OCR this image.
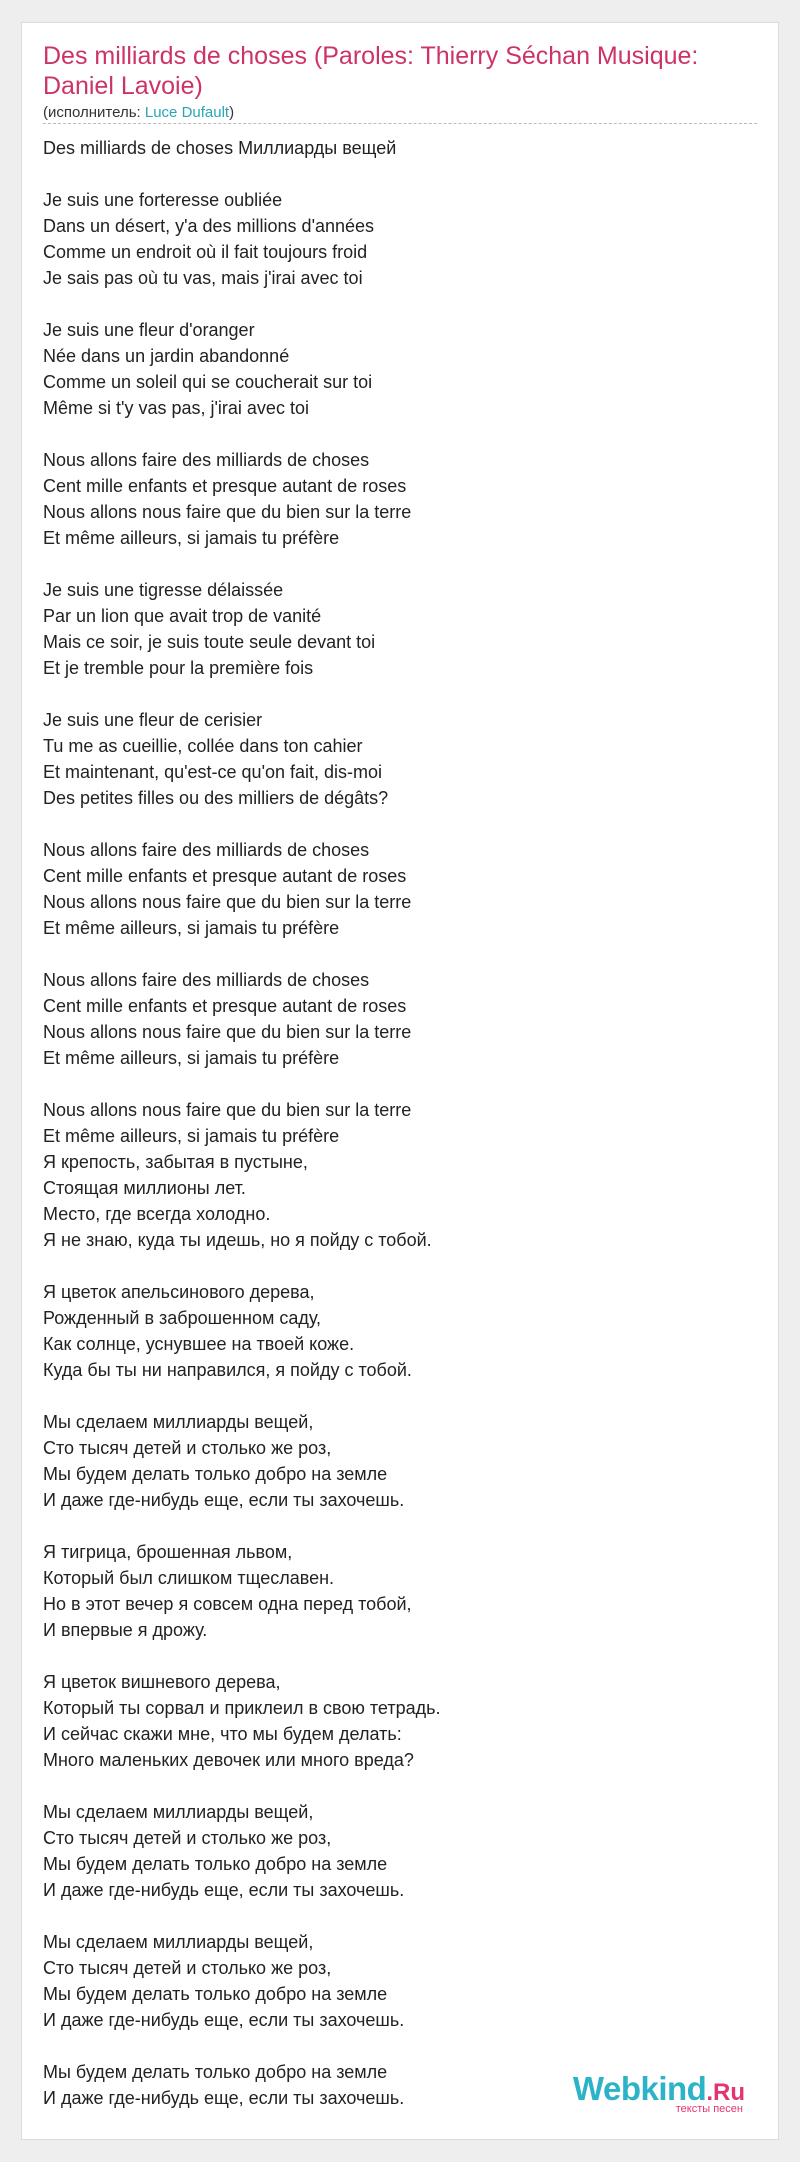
Des milliards de choses (Paroles: Thierry Séchan Musique: Daniel Lavoie)
(исполнитель: Luce Dufault)
Des milliards de choses Миллиарды вещей
Je suis une forteresse oubliée
Dans un désert, y'a des millions d'années
Comme un endroit où il fait toujours froid
Je sais pas où tu vas, mais j'irai avec toi
Je suis une fleur d'oranger
Née dans un jardin abandonné
Comme un soleil qui se coucherait sur toi
Même si t'y vas pas, j'irai avec toi
Nous allons faire des milliards de choses
Cent mille enfants et presque autant de roses
Nous allons nous faire que du bien sur la terre
Et même ailleurs, si jamais tu préfère
Je suis une tigresse délaissée
Par un lion que avait trop de vanité
Mais ce soir, je suis toute seule devant toi
Et je tremble pour la première fois
Je suis une fleur de cerisier
Tu me as cueillie, collée dans ton cahier
Et maintenant, qu'est-ce qu'on fait, dis-moi
Des petites filles ou des milliers de dégâts?
Nous allons faire des milliards de choses
Cent mille enfants et presque autant de roses
Nous allons nous faire que du bien sur la terre
Et même ailleurs, si jamais tu préfère
Nous allons faire des milliards de choses
Cent mille enfants et presque autant de roses
Nous allons nous faire que du bien sur la terre
Et même ailleurs, si jamais tu préfère
Nous allons nous faire que du bien sur la terre
Et même ailleurs, si jamais tu préfère
Я крепость, забытая в пустыне,
Стоящая миллионы лет.
Место, где всегда холодно.
Я не знаю, куда ты идешь, но я пойду с тобой.
Я цветок апельсинового дерева,
Рожденный в заброшенном саду,
Как солнце, уснувшее на твоей коже.
Куда бы ты ни направился, я пойду с тобой.
Мы сделаем миллиарды вещей,
Сто тысяч детей и столько же роз,
Мы будем делать только добро на земле
И даже где-нибудь еще, если ты захочешь.
Я тигрица, брошенная львом,
Который был слишком тщеславен.
Но в этот вечер я совсем одна перед тобой,
И впервые я дрожу.
Я цветок вишневого дерева,
Который ты сорвал и приклеил в свою тетрадь.
И сейчас скажи мне, что мы будем делать:
Много маленьких девочек или много вреда?
Мы сделаем миллиарды вещей,
Сто тысяч детей и столько же роз,
Мы будем делать только добро на земле
И даже где-нибудь еще, если ты захочешь.
Мы сделаем миллиарды вещей,
Сто тысяч детей и столько же роз,
Мы будем делать только добро на земле
И даже где-нибудь еще, если ты захочешь.
Мы будем делать только добро на земле
И даже где-нибудь еще, если ты захочешь.	Webkind.Ru
тексты песен
